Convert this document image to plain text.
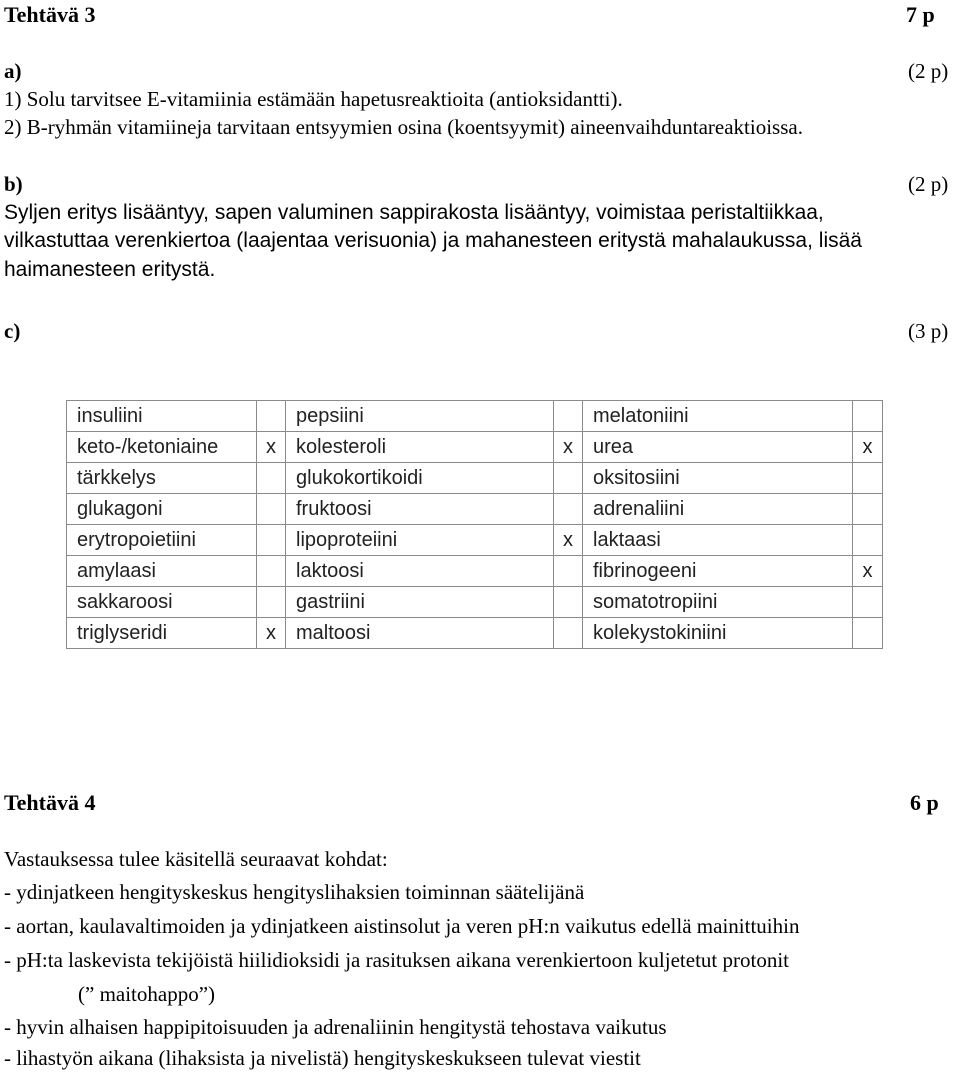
Tehtävä 3	7 p
a)	(2 p)
1) Solu tarvitsee E-vitamiinia estämään hapetusreaktioita (antioksidantti).
2) B-ryhmän vitamiineja tarvitaan entsyymien osina (koentsyymit) aineenvaihduntareaktioissa.
b)	(2 p)
Syljen eritys lisääntyy, sapen valuminen sappirakosta lisääntyy, voimistaa peristaltiikkaa,
vilkastuttaa verenkiertoa (laajentaa verisuonia) ja mahanesteen eritystä mahalaukussa, lisää
haimanesteen eritystä.
c)	(3 p)
insuliini		pepsiini		melatoniini	
keto-/ketoniaine	x	kolesteroli	x	urea	x
tärkkelys		glukokortikoidi		oksitosiini	
glukagoni		fruktoosi		adrenaliini	
erytropoietiini		lipoproteiini	x	laktaasi	
amylaasi		laktoosi		fibrinogeeni	x
sakkaroosi		gastriini		somatotropiini	
triglyseridi	x	maltoosi		kolekystokiniini	
Tehtävä 4	6 p
Vastauksessa tulee käsitellä seuraavat kohdat:
- ydinjatkeen hengityskeskus hengityslihaksien toiminnan säätelijänä
- aortan, kaulavaltimoiden ja ydinjatkeen aistinsolut ja veren pH:n vaikutus edellä mainittuihin
- pH:ta laskevista tekijöistä hiilidioksidi ja rasituksen aikana verenkiertoon kuljetetut protonit
(” maitohappo”)
- hyvin alhaisen happipitoisuuden ja adrenaliinin hengitystä tehostava vaikutus
- lihastyön aikana (lihaksista ja nivelistä) hengityskeskukseen tulevat viestit
